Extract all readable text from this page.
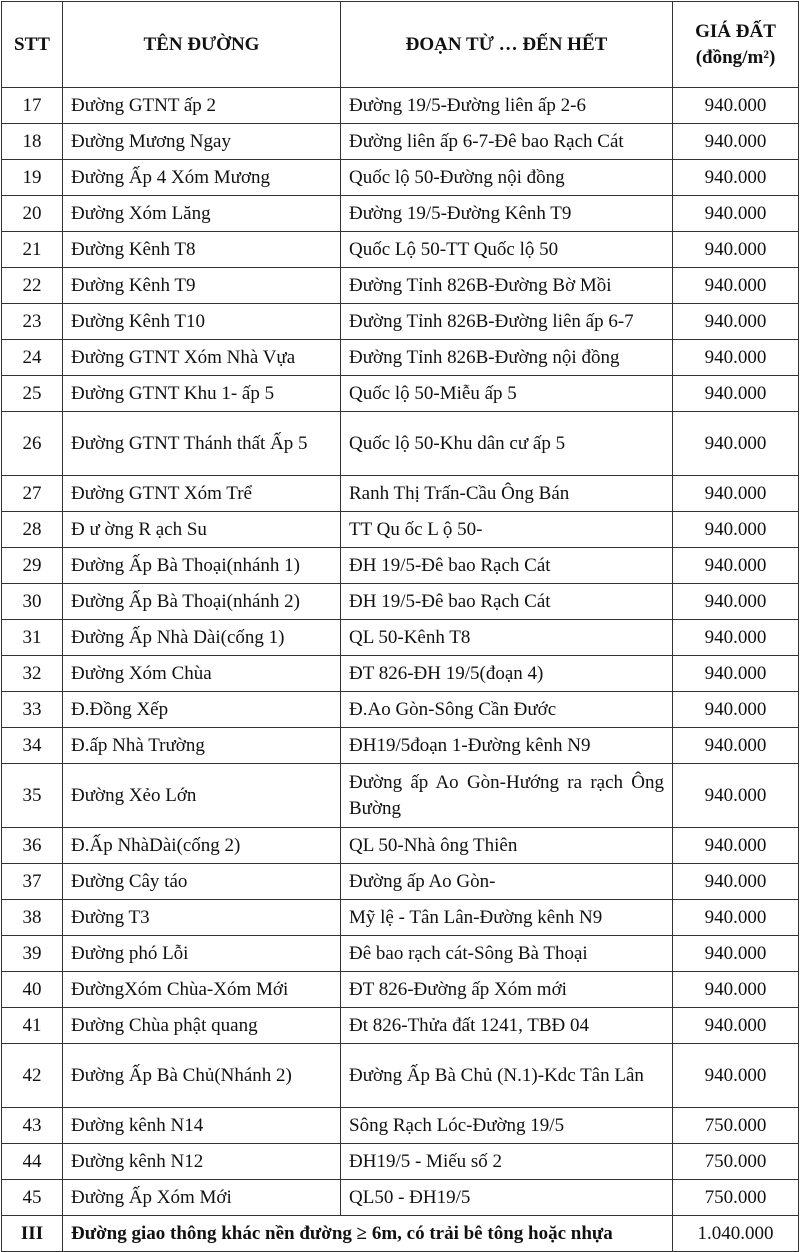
STT	TÊN ĐƯỜNG	ĐOẠN TỪ … ĐẾN HẾT	GIÁ ĐẤT
(đồng/m²)

17	Đường GTNT ấp 2	Đường 19/5-Đường liên ấp 2-6	940.000
18	Đường Mương Ngay	Đường liên ấp 6-7-Đê bao Rạch Cát	940.000
19	Đường Ấp 4 Xóm Mương	Quốc lộ 50-Đường nội đồng	940.000
20	Đường Xóm Lăng	Đường 19/5-Đường Kênh T9	940.000
21	Đường Kênh T8	Quốc Lộ 50-TT Quốc lộ 50	940.000
22	Đường Kênh T9	Đường Tỉnh 826B-Đường Bờ Mồi	940.000
23	Đường Kênh T10	Đường Tỉnh 826B-Đường liên ấp 6-7	940.000
24	Đường GTNT Xóm Nhà Vựa	Đường Tỉnh 826B-Đường nội đồng	940.000
25	Đường GTNT Khu 1- ấp 5	Quốc lộ 50-Miễu ấp 5	940.000
26	Đường GTNT Thánh thất Ấp 5	Quốc lộ 50-Khu dân cư ấp 5	940.000
27	Đường GTNT Xóm Trể	Ranh Thị Trấn-Cầu Ông Bán	940.000
28	Đ ư ờng R ạch Su	TT Qu ốc L ộ 50-	940.000
29	Đường Ấp Bà Thoại(nhánh 1)	ĐH 19/5-Đê bao Rạch Cát	940.000
30	Đường Ấp Bà Thoại(nhánh 2)	ĐH 19/5-Đê bao Rạch Cát	940.000
31	Đường Ấp Nhà Dài(cống 1)	QL 50-Kênh T8	940.000
32	Đường Xóm Chùa	ĐT 826-ĐH 19/5(đoạn 4)	940.000
33	Đ.Đồng Xếp	Đ.Ao Gòn-Sông Cần Đước	940.000
34	Đ.ấp Nhà Trường	ĐH19/5đoạn 1-Đường kênh N9	940.000
35	Đường Xẻo Lớn	Đường ấp Ao Gòn-Hướng ra rạch Ông Bường	940.000
36	Đ.Ấp NhàDài(cống 2)	QL 50-Nhà ông Thiên	940.000
37	Đường Cây táo	Đường ấp Ao Gòn-	940.000
38	Đường T3	Mỹ lệ - Tân Lân-Đường kênh N9	940.000
39	Đường phó Lỗi	Đê bao rạch cát-Sông Bà Thoại	940.000
40	ĐườngXóm Chùa-Xóm Mới	ĐT 826-Đường ấp Xóm mới	940.000
41	Đường Chùa phật quang	Đt 826-Thửa đất 1241, TBĐ 04	940.000
42	Đường Ấp Bà Chủ(Nhánh 2)	Đường Ấp Bà Chủ (N.1)-Kdc Tân Lân	940.000
43	Đường kênh N14	Sông Rạch Lóc-Đường 19/5	750.000
44	Đường kênh N12	ĐH19/5 - Miếu số 2	750.000
45	Đường Ấp Xóm Mới	QL50 - ĐH19/5	750.000
III	Đường giao thông khác nền đường ≥ 6m, có trải bê tông hoặc nhựa		1.040.000
